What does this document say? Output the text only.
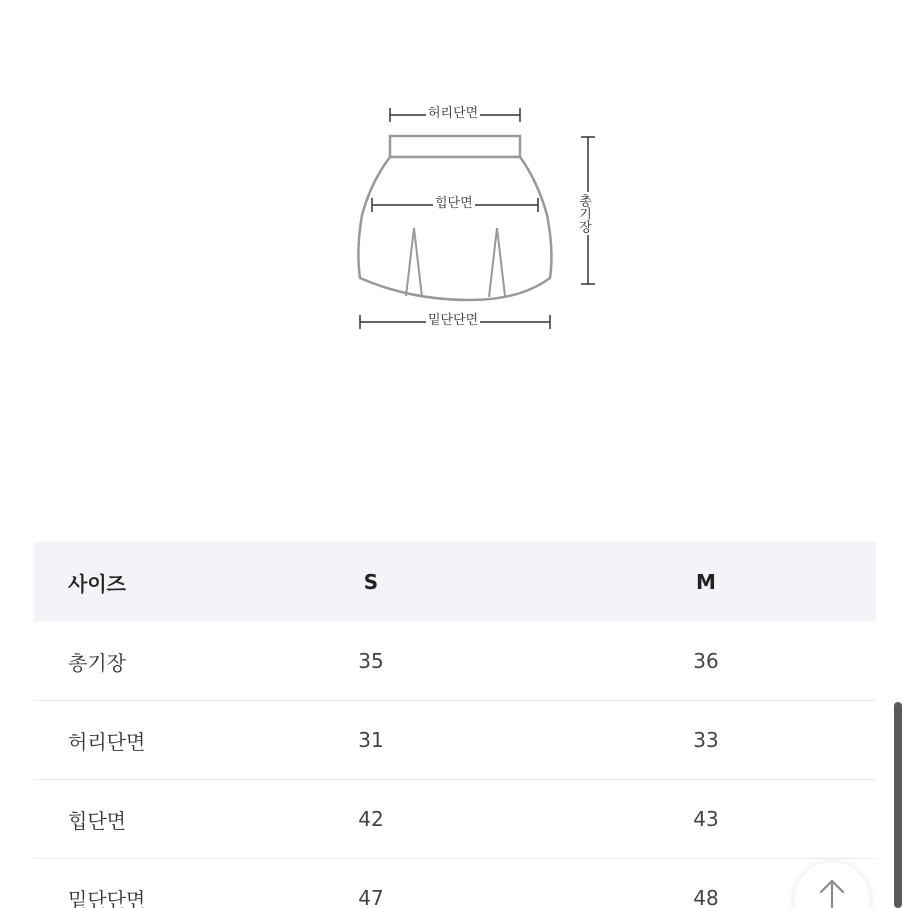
허리단면
힙단면
밑단단면
총기장
사이즈	S	M
총기장	35	36
허리단면	31	33
힙단면	42	43
밑단단면	47	48
